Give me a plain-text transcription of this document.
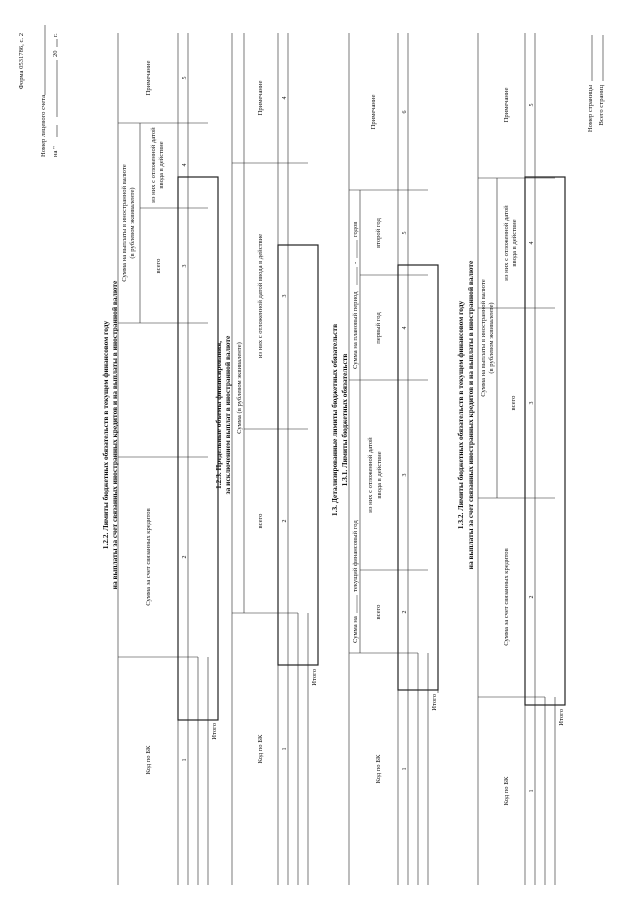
Форма 0531786, с. 2
Номер лицевого счета на "
20
г.
1.2.2. Лимиты бюджетных обязательств в текущем финансовом году на выплаты за счет связанных иностранных кредитов и на выплаты в иностранной валюте
Код по БК
Сумма за счет связанных кредитов
Сумма на выплаты в иностранной валюте (в рублевом эквиваленте)
всего
из них с отложенной датой ввода в действие
Примечание
1
2
3
4
5
Итого
1.2.3. Предельные объемы финансирования, за исключением выплат в иностранной валюте
Код по БК
Сумма (в рублевом эквиваленте)
всего
из них с отложенной датой ввода в действие
Примечание
1
2
3
4
Итого
1.3. Детализированные лимиты бюджетных обязательств 1.3.1. Лимиты бюджетных обязательств
Код по БК
Сумма на
текущий финансовый год
всего
из них с отложенной датой ввода в действие
Сумма на плановый период
-
годов
первый год
второй год
Примечание
1
2
3
4
5
6
Итого
1.3.2. Лимиты бюджетных обязательств в текущем финансовом году на выплаты за счет связанных иностранных кредитов и на выплаты в иностранной валюте
Код по БК
Сумма за счет связанных кредитов
Сумма на выплаты в иностранной валюте (в рублевом эквиваленте)
всего
из них с отложенной датой ввода в действие
Примечание
1
2
3
4
5
Итого
Номер страницы Всего страниц
